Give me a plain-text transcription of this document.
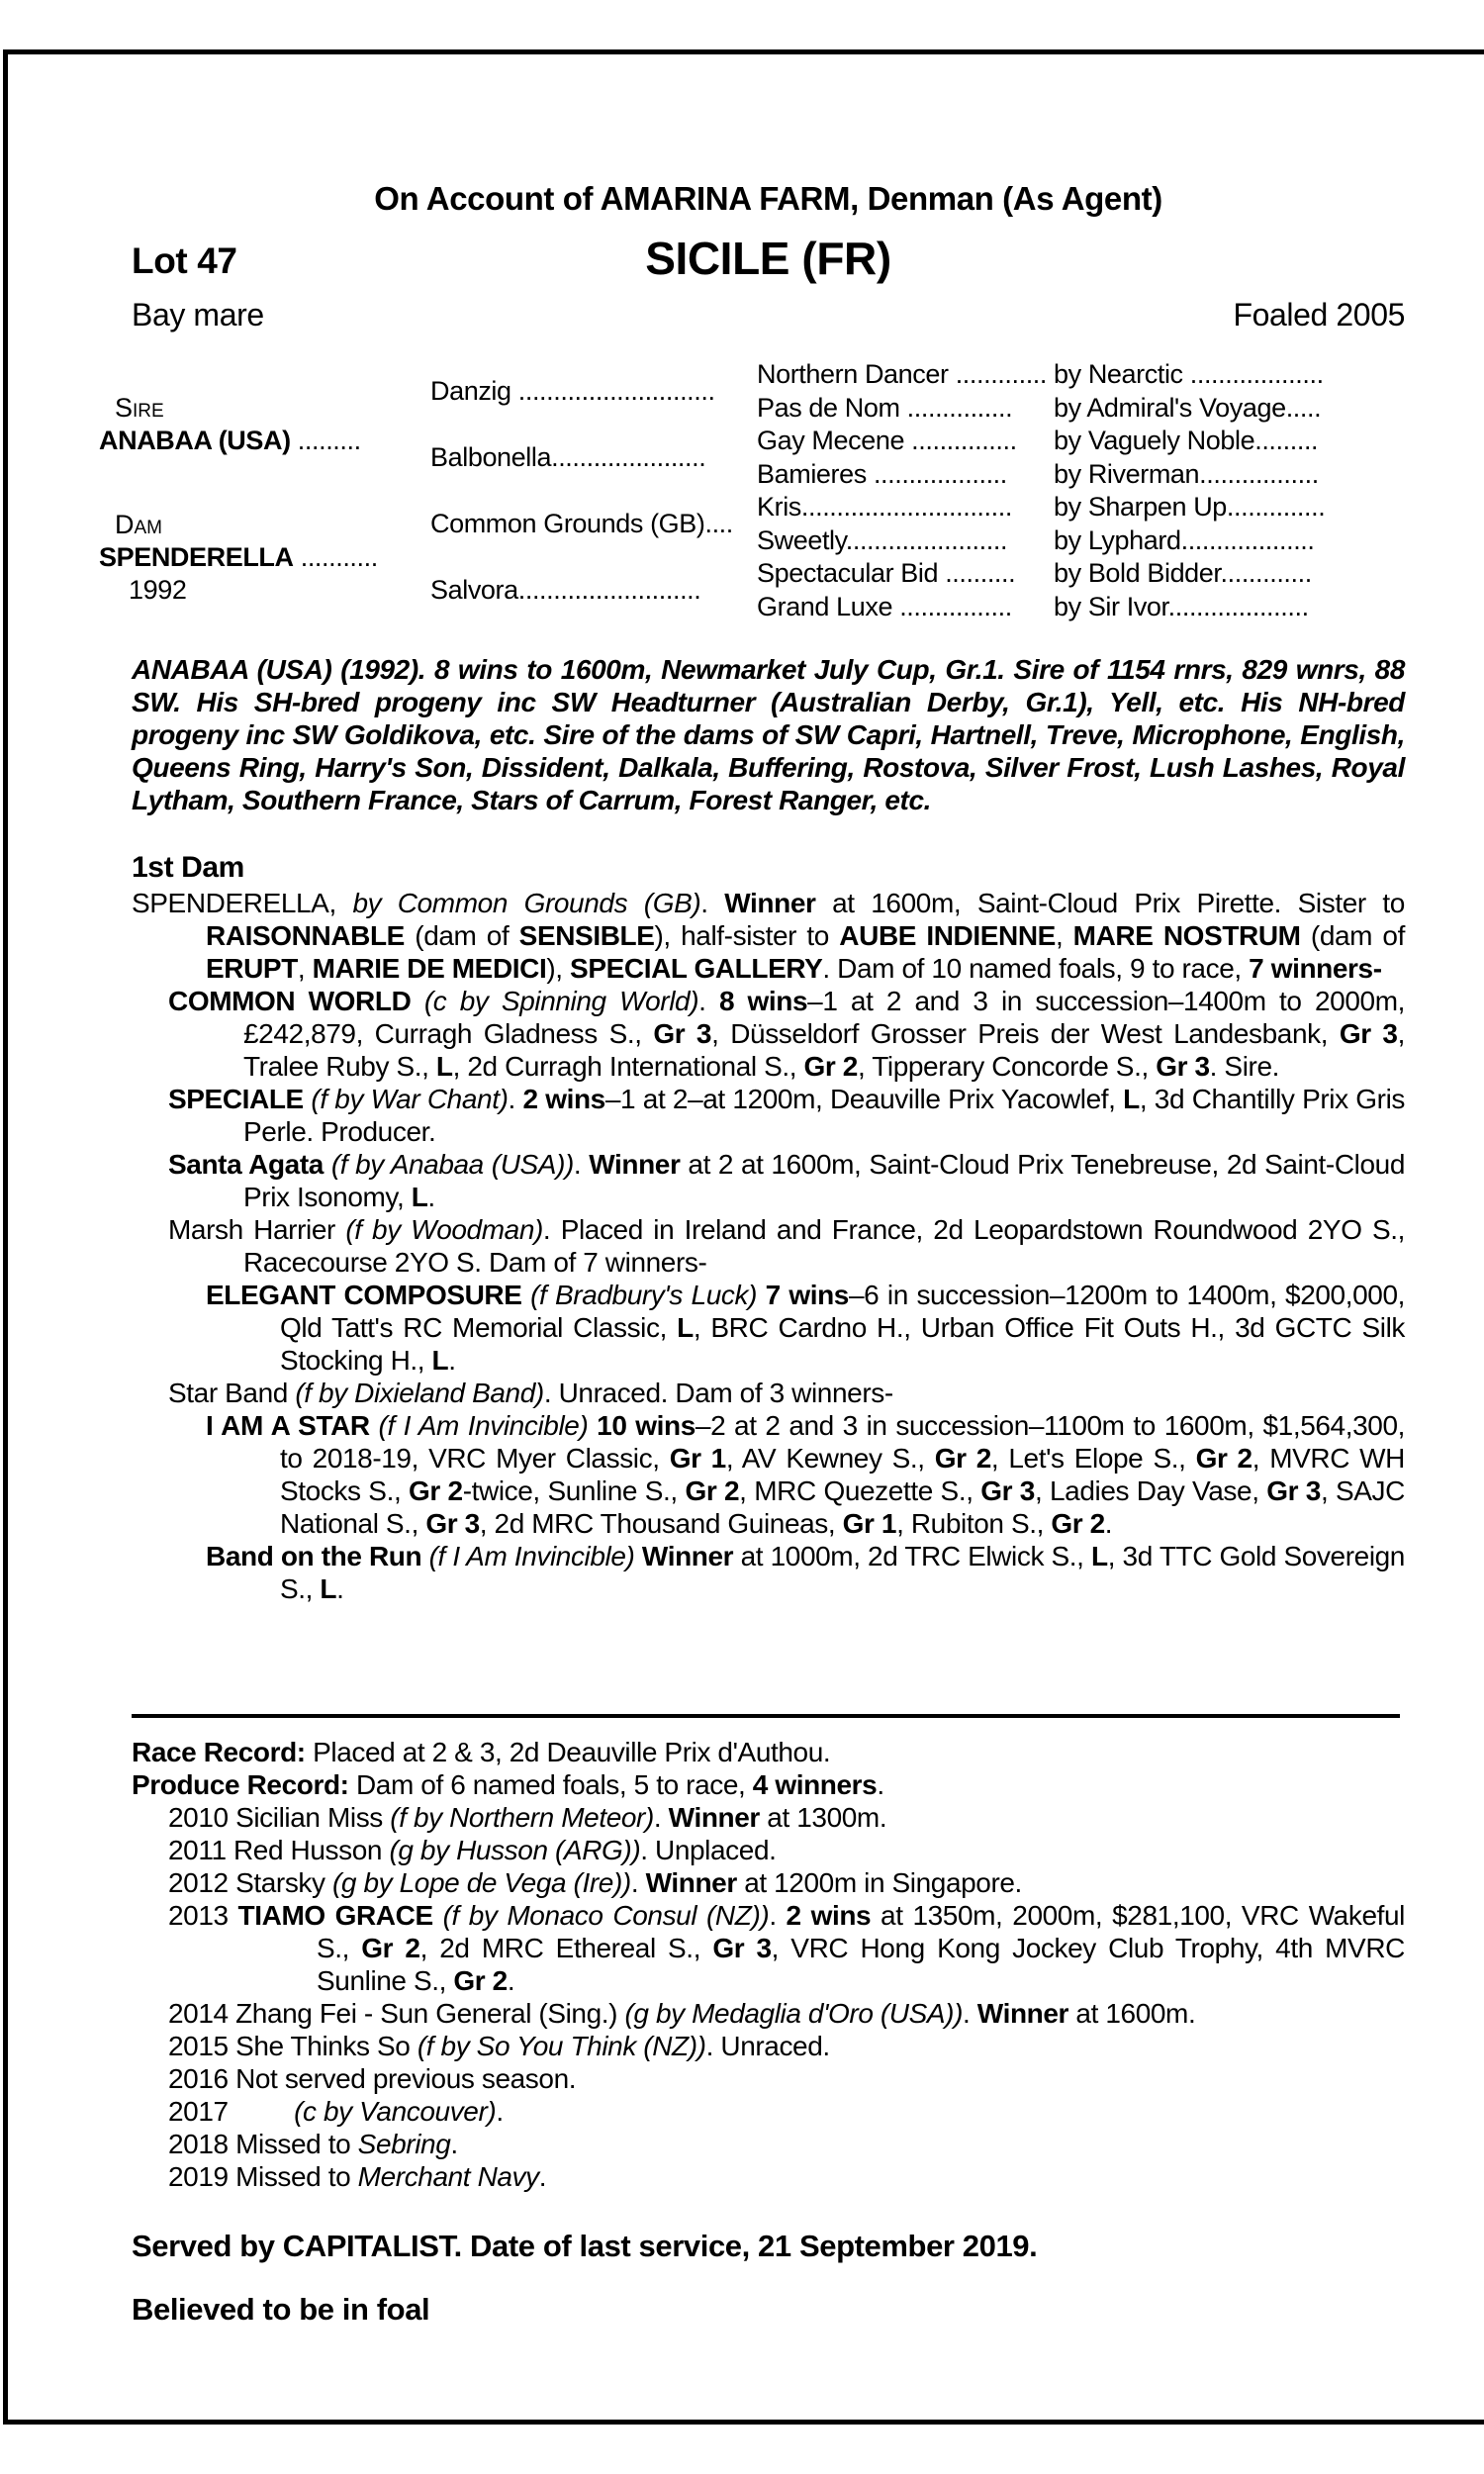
On Account of AMARINA FARM, Denman (As Agent)
Lot 47	SICILE (FR)
Bay mare	Foaled 2005
Sire
ANABAA (USA) .........
Dam
SPENDERELLA ...........
1992
Danzig ............................
Balbonella......................
Common Grounds (GB)....
Salvora..........................
Northern Dancer .............
Pas de Nom ...............
Gay Mecene ...............
Bamieres ...................
Kris..............................
Sweetly.......................
Spectacular Bid ..........
Grand Luxe ................
by Nearctic ...................
by Admiral's Voyage.....
by Vaguely Noble.........
by Riverman.................
by Sharpen Up..............
by Lyphard...................
by Bold Bidder.............
by Sir Ivor....................
ANABAA (USA) (1992). 8 wins to 1600m, Newmarket July Cup, Gr.1. Sire of 1154 rnrs, 829 wnrs, 88 SW. His SH-bred progeny inc SW Headturner (Australian Derby, Gr.1), Yell, etc. His NH-bred progeny inc SW Goldikova, etc. Sire of the dams of SW Capri, Hartnell, Treve, Microphone, English, Queens Ring, Harry's Son, Dissident, Dalkala, Buffering, Rostova, Silver Frost, Lush Lashes, Royal Lytham, Southern France, Stars of Carrum, Forest Ranger, etc.
1st Dam

SPENDERELLA, by Common Grounds (GB). Winner at 1600m, Saint-Cloud Prix Pirette. Sister to RAISONNABLE (dam of SENSIBLE), half-sister to AUBE INDIENNE, MARE NOSTRUM (dam of ERUPT, MARIE DE MEDICI), SPECIAL GALLERY. Dam of 10 named foals, 9 to race, 7 winners-

COMMON WORLD (c by Spinning World). 8 wins–1 at 2 and 3 in succession–1400m to 2000m, £242,879, Curragh Gladness S., Gr 3, Düsseldorf Grosser Preis der West Landesbank, Gr 3, Tralee Ruby S., L, 2d Curragh International S., Gr 2, Tipperary Concorde S., Gr 3. Sire.

SPECIALE (f by War Chant). 2 wins–1 at 2–at 1200m, Deauville Prix Yacowlef, L, 3d Chantilly Prix Gris Perle. Producer.

Santa Agata (f by Anabaa (USA)). Winner at 2 at 1600m, Saint-Cloud Prix Tenebreuse, 2d Saint-Cloud Prix Isonomy, L.

Marsh Harrier (f by Woodman). Placed in Ireland and France, 2d Leopardstown Roundwood 2YO S., Racecourse 2YO S. Dam of 7 winners-

ELEGANT COMPOSURE (f Bradbury's Luck) 7 wins–6 in succession–1200m to 1400m, $200,000, Qld Tatt's RC Memorial Classic, L, BRC Cardno H., Urban Office Fit Outs H., 3d GCTC Silk Stocking H., L.

Star Band (f by Dixieland Band). Unraced. Dam of 3 winners-

I AM A STAR (f I Am Invincible) 10 wins–2 at 2 and 3 in succession–1100m to 1600m, $1,564,300, to 2018-19, VRC Myer Classic, Gr 1, AV Kewney S., Gr 2, Let's Elope S., Gr 2, MVRC WH Stocks S., Gr 2-twice, Sunline S., Gr 2, MRC Quezette S., Gr 3, Ladies Day Vase, Gr 3, SAJC National S., Gr 3, 2d MRC Thousand Guineas, Gr 1, Rubiton S., Gr 2.

Band on the Run (f I Am Invincible) Winner at 1000m, 2d TRC Elwick S., L, 3d TTC Gold Sovereign S., L.

Race Record: Placed at 2 & 3, 2d Deauville Prix d'Authou.

Produce Record: Dam of 6 named foals, 5 to race, 4 winners.

2010 Sicilian Miss (f by Northern Meteor). Winner at 1300m.

2011 Red Husson (g by Husson (ARG)). Unplaced.

2012 Starsky (g by Lope de Vega (Ire)). Winner at 1200m in Singapore.

2013 TIAMO GRACE (f by Monaco Consul (NZ)). 2 wins at 1350m, 2000m, $281,100, VRC Wakeful S., Gr 2, 2d MRC Ethereal S., Gr 3, VRC Hong Kong Jockey Club Trophy, 4th MVRC Sunline S., Gr 2.

2014 Zhang Fei - Sun General (Sing.) (g by Medaglia d'Oro (USA)). Winner at 1600m.

2015 She Thinks So (f by So You Think (NZ)). Unraced.

2016 Not served previous season.

2017         (c by Vancouver).

2018 Missed to Sebring.

2019 Missed to Merchant Navy.

Served by CAPITALIST. Date of last service, 21 September 2019.
Believed to be in foal
